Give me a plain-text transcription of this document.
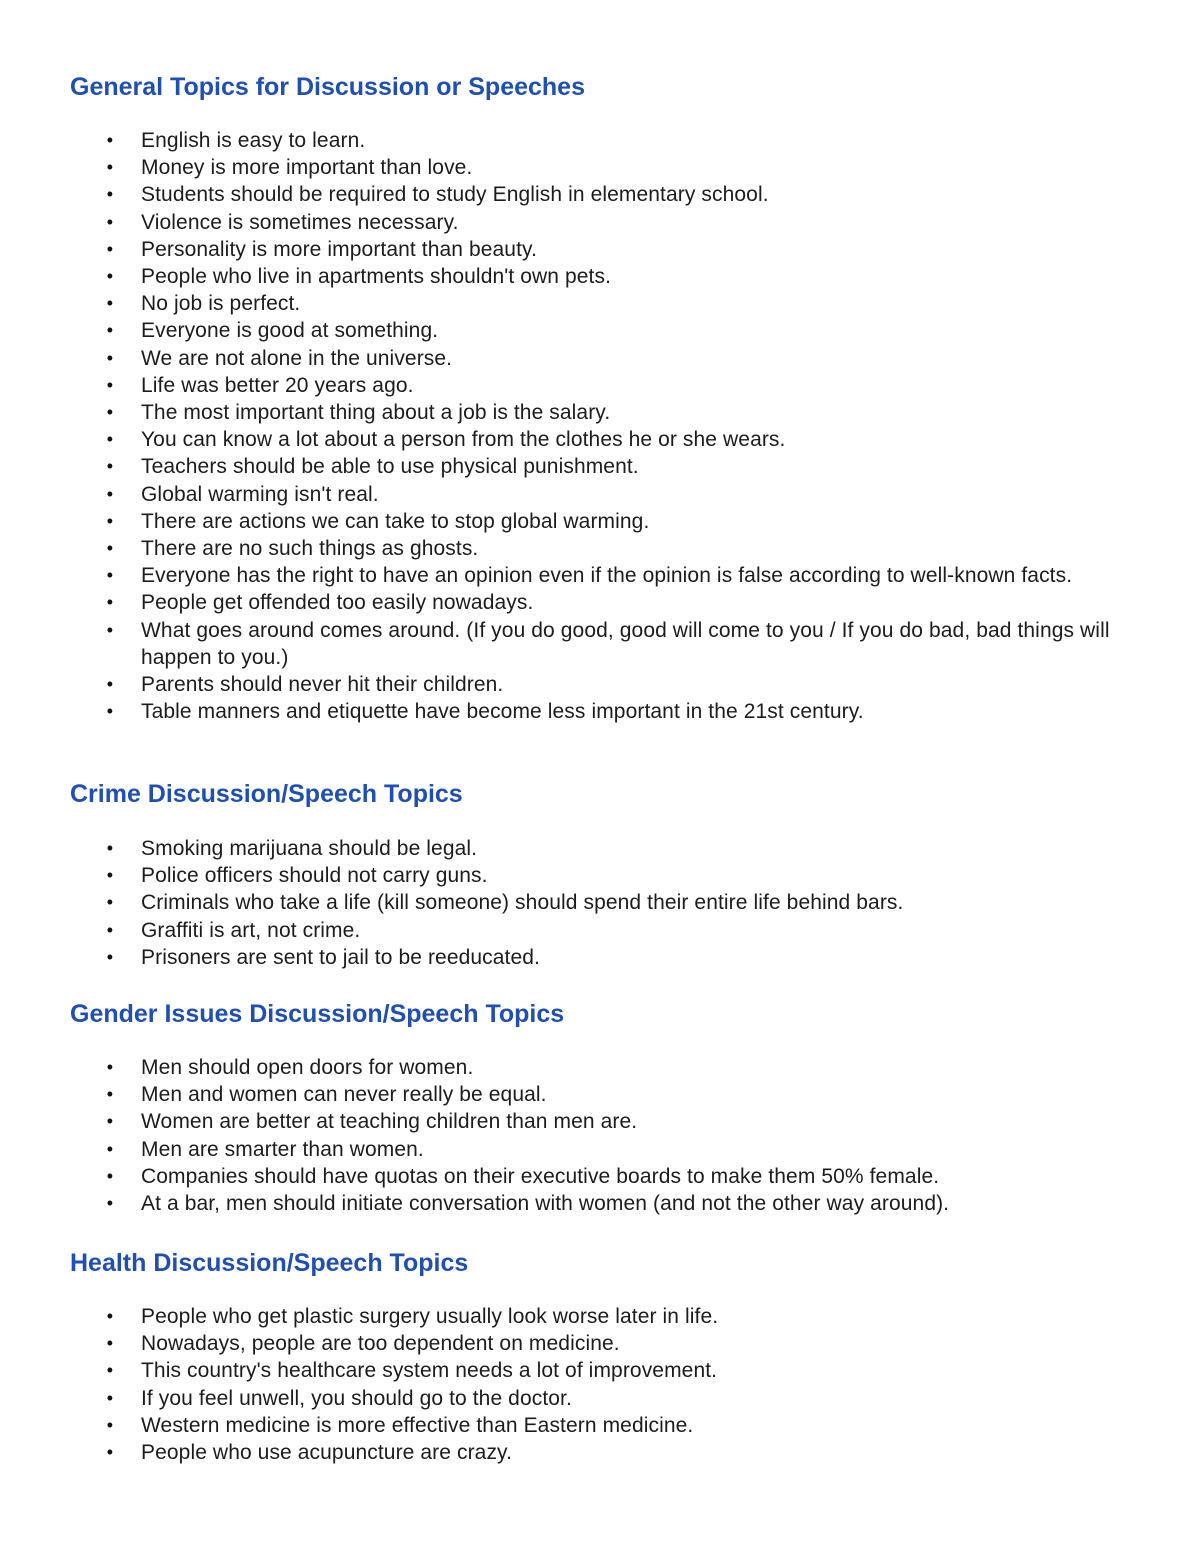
General Topics for Discussion or Speeches
• English is easy to learn.
• Money is more important than love.
• Students should be required to study English in elementary school.
• Violence is sometimes necessary.
• Personality is more important than beauty.
• People who live in apartments shouldn't own pets.
• No job is perfect.
• Everyone is good at something.
• We are not alone in the universe.
• Life was better 20 years ago.
• The most important thing about a job is the salary.
• You can know a lot about a person from the clothes he or she wears.
• Teachers should be able to use physical punishment.
• Global warming isn't real.
• There are actions we can take to stop global warming.
• There are no such things as ghosts.
• Everyone has the right to have an opinion even if the opinion is false according to well-known facts.
• People get offended too easily nowadays.
• What goes around comes around. (If you do good, good will come to you / If you do bad, bad things will happen to you.)
• Parents should never hit their children.
• Table manners and etiquette have become less important in the 21st century.
Crime Discussion/Speech Topics
• Smoking marijuana should be legal.
• Police officers should not carry guns.
• Criminals who take a life (kill someone) should spend their entire life behind bars.
• Graffiti is art, not crime.
• Prisoners are sent to jail to be reeducated.
Gender Issues Discussion/Speech Topics
• Men should open doors for women.
• Men and women can never really be equal.
• Women are better at teaching children than men are.
• Men are smarter than women.
• Companies should have quotas on their executive boards to make them 50% female.
• At a bar, men should initiate conversation with women (and not the other way around).
Health Discussion/Speech Topics
• People who get plastic surgery usually look worse later in life.
• Nowadays, people are too dependent on medicine.
• This country's healthcare system needs a lot of improvement.
• If you feel unwell, you should go to the doctor.
• Western medicine is more effective than Eastern medicine.
• People who use acupuncture are crazy.
